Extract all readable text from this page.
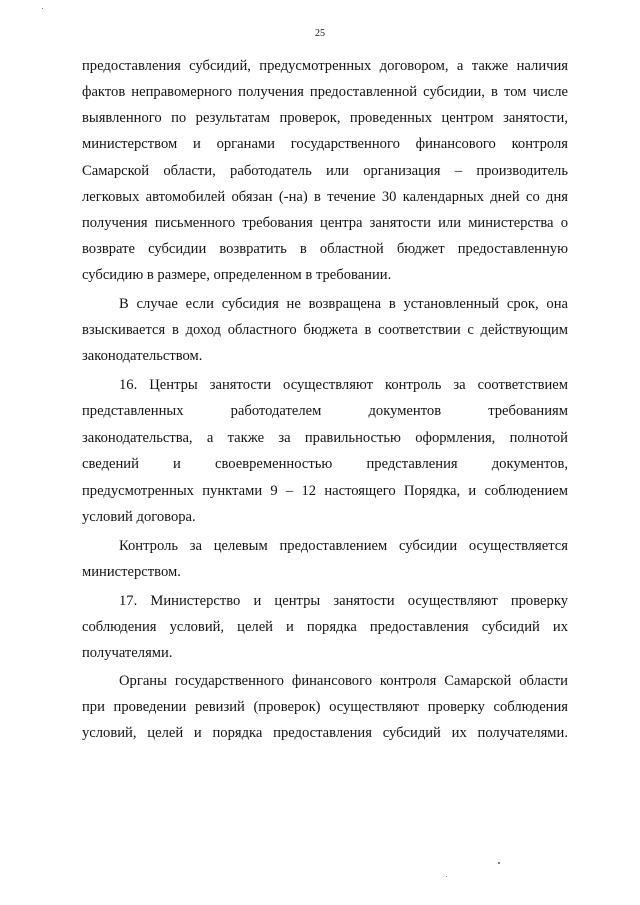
25
предоставления субсидий, предусмотренных договором, а также наличия
фактов неправомерного получения предоставленной субсидии, в том числе
выявленного по результатам проверок, проведенных центром занятости,
министерством и органами государственного финансового контроля
Самарской области, работодатель или организация – производитель
легковых автомобилей обязан (-на) в течение 30 календарных дней со дня
получения письменного требования центра занятости или министерства о
возврате субсидии возвратить в областной бюджет предоставленную
субсидию в размере, определенном в требовании.
В случае если субсидия не возвращена в установленный срок, она
взыскивается в доход областного бюджета в соответствии с действующим
законодательством.
16. Центры занятости осуществляют контроль за соответствием
представленных работодателем документов требованиям
законодательства, а также за правильностью оформления, полнотой
сведений и своевременностью представления документов,
предусмотренных пунктами 9 – 12 настоящего Порядка, и соблюдением
условий договора.
Контроль за целевым предоставлением субсидии осуществляется
министерством.
17. Министерство и центры занятости осуществляют проверку
соблюдения условий, целей и порядка предоставления субсидий их
получателями.
Органы государственного финансового контроля Самарской области
при проведении ревизий (проверок) осуществляют проверку соблюдения
условий, целей и порядка предоставления субсидий их получателями.
